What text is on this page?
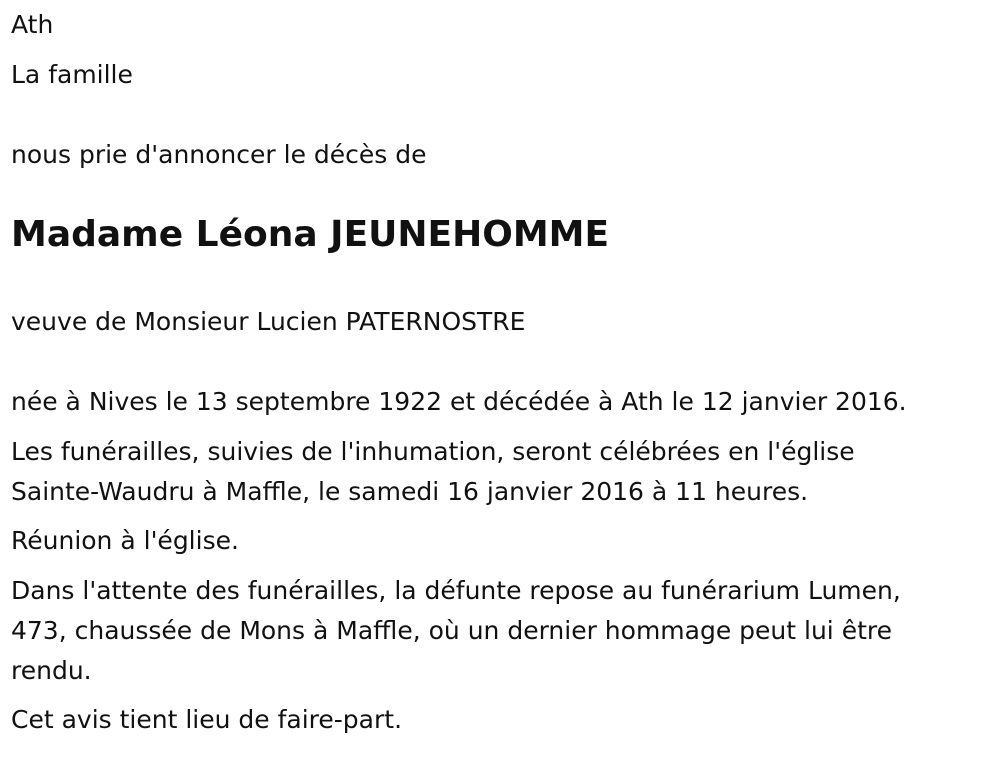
Ath

La famille

nous prie d'annoncer le décès de

Madame Léona JEUNEHOMME

veuve de Monsieur Lucien PATERNOSTRE

née à Nives le 13 septembre 1922 et décédée à Ath le 12 janvier 2016.

Les funérailles, suivies de l'inhumation, seront célébrées en l'église

Sainte-Waudru à Maffle, le samedi 16 janvier 2016 à 11 heures.

Réunion à l'église.

Dans l'attente des funérailles, la défunte repose au funérarium Lumen,

473, chaussée de Mons à Maffle, où un dernier hommage peut lui être

rendu.

Cet avis tient lieu de faire-part.
